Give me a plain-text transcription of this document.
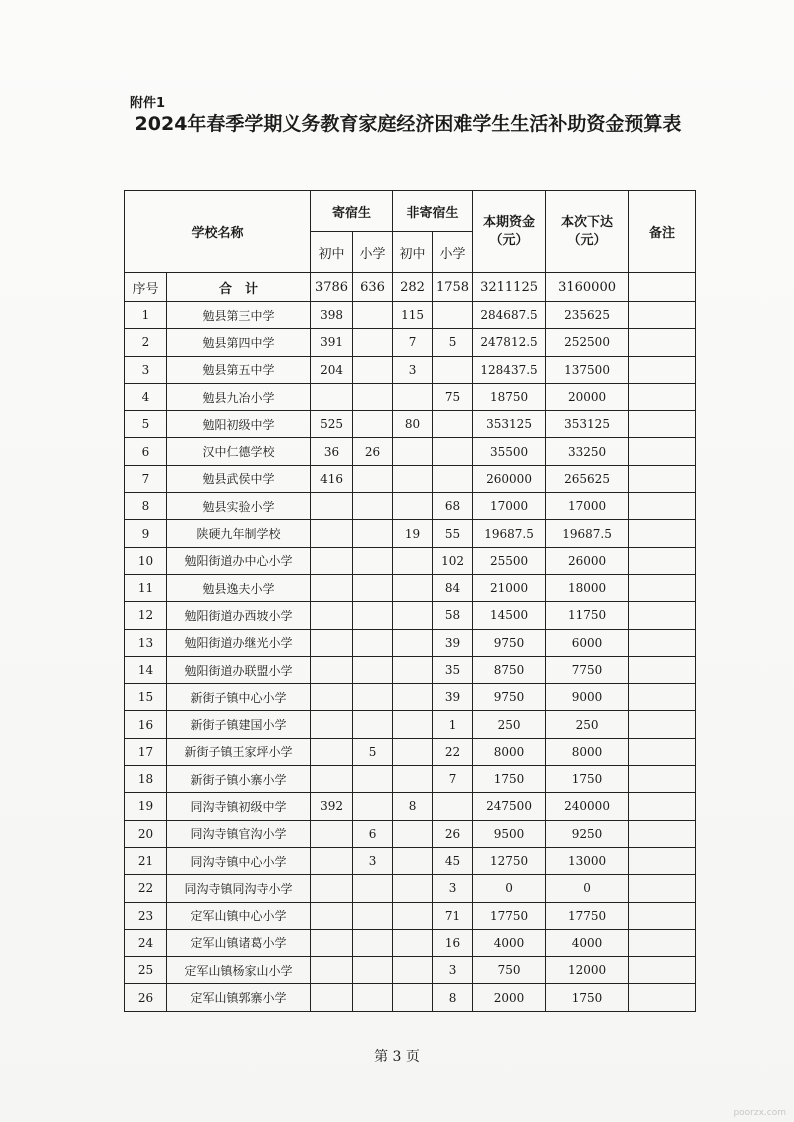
附件1
2024年春季学期义务教育家庭经济困难学生生活补助资金预算表
学校名称		寄宿生		非寄宿生		本期资金（元）	本次下达（元）	备注
		初中	小学	初中	小学			
序号	合　计	3786	636	282	1758	3211125	3160000	
1	勉县第三中学	398		115		284687.5	235625	
2	勉县第四中学	391		7	5	247812.5	252500	
3	勉县第五中学	204		3		128437.5	137500	
4	勉县九冶小学				75	18750	20000	
5	勉阳初级中学	525		80		353125	353125	
6	汉中仁德学校	36	26			35500	33250	
7	勉县武侯中学	416				260000	265625	
8	勉县实验小学				68	17000	17000	
9	陕硬九年制学校			19	55	19687.5	19687.5	
10	勉阳街道办中心小学				102	25500	26000	
11	勉县逸夫小学				84	21000	18000	
12	勉阳街道办西坡小学				58	14500	11750	
13	勉阳街道办继光小学				39	9750	6000	
14	勉阳街道办联盟小学				35	8750	7750	
15	新街子镇中心小学				39	9750	9000	
16	新街子镇建国小学				1	250	250	
17	新街子镇王家坪小学		5		22	8000	8000	
18	新街子镇小寨小学				7	1750	1750	
19	同沟寺镇初级中学	392		8		247500	240000	
20	同沟寺镇官沟小学		6		26	9500	9250	
21	同沟寺镇中心小学		3		45	12750	13000	
22	同沟寺镇同沟寺小学				3	0	0	
23	定军山镇中心小学				71	17750	17750	
24	定军山镇诸葛小学				16	4000	4000	
25	定军山镇杨家山小学				3	750	12000	
26	定军山镇郭寨小学				8	2000	1750	
第 3 页
poorzx.com
